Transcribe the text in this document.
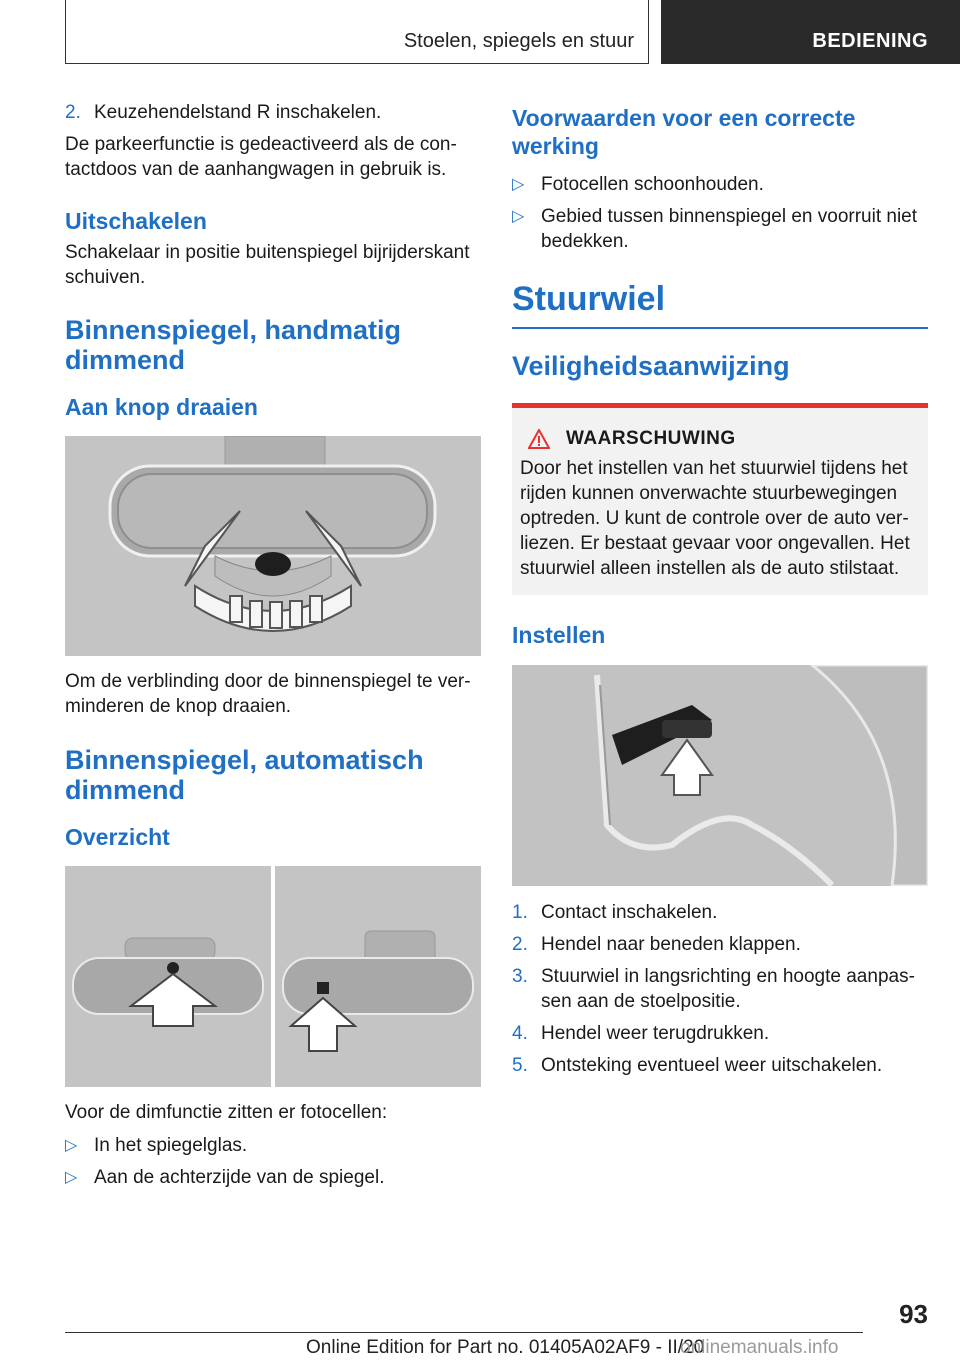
Stoelen, spiegels en stuur	BEDIENING
2. Keuzehendelstand R inschakelen.

De parkeerfunctie is gedeactiveerd als de contactdoos van de aanhangwagen in gebruik is.

Uitschakelen

Schakelaar in positie buitenspiegel bijrijderskant schuiven.

Binnenspiegel, handmatig dimmend
Aan knop draaien

Om de verblinding door de binnenspiegel te verminderen de knop draaien.

Binnenspiegel, automatisch dimmend
Overzicht

Voor de dimfunctie zitten er fotocellen:

▷ In het spiegelglas.
▷ Aan de achterzijde van de spiegel.
Voorwaarden voor een correcte werking
▷ Fotocellen schoonhouden.
▷ Gebied tussen binnenspiegel en voorruit niet bedekken.
Stuurwiel
Veiligheidsaanwijzing
WAARSCHUWING

Door het instellen van het stuurwiel tijdens het rijden kunnen onverwachte stuurbewegingen optreden. U kunt de controle over de auto verliezen. Er bestaat gevaar voor ongevallen. Het stuurwiel alleen instellen als de auto stilstaat.

Instellen
1. Contact inschakelen.
2. Hendel naar beneden klappen.
3. Stuurwiel in langsrichting en hoogte aanpassen aan de stoelpositie.
4. Hendel weer terugdrukken.
5. Ontsteking eventueel weer uitschakelen.
93
Online Edition for Part no. 01405A02AF9 - II/20
onlinemanuals.info
